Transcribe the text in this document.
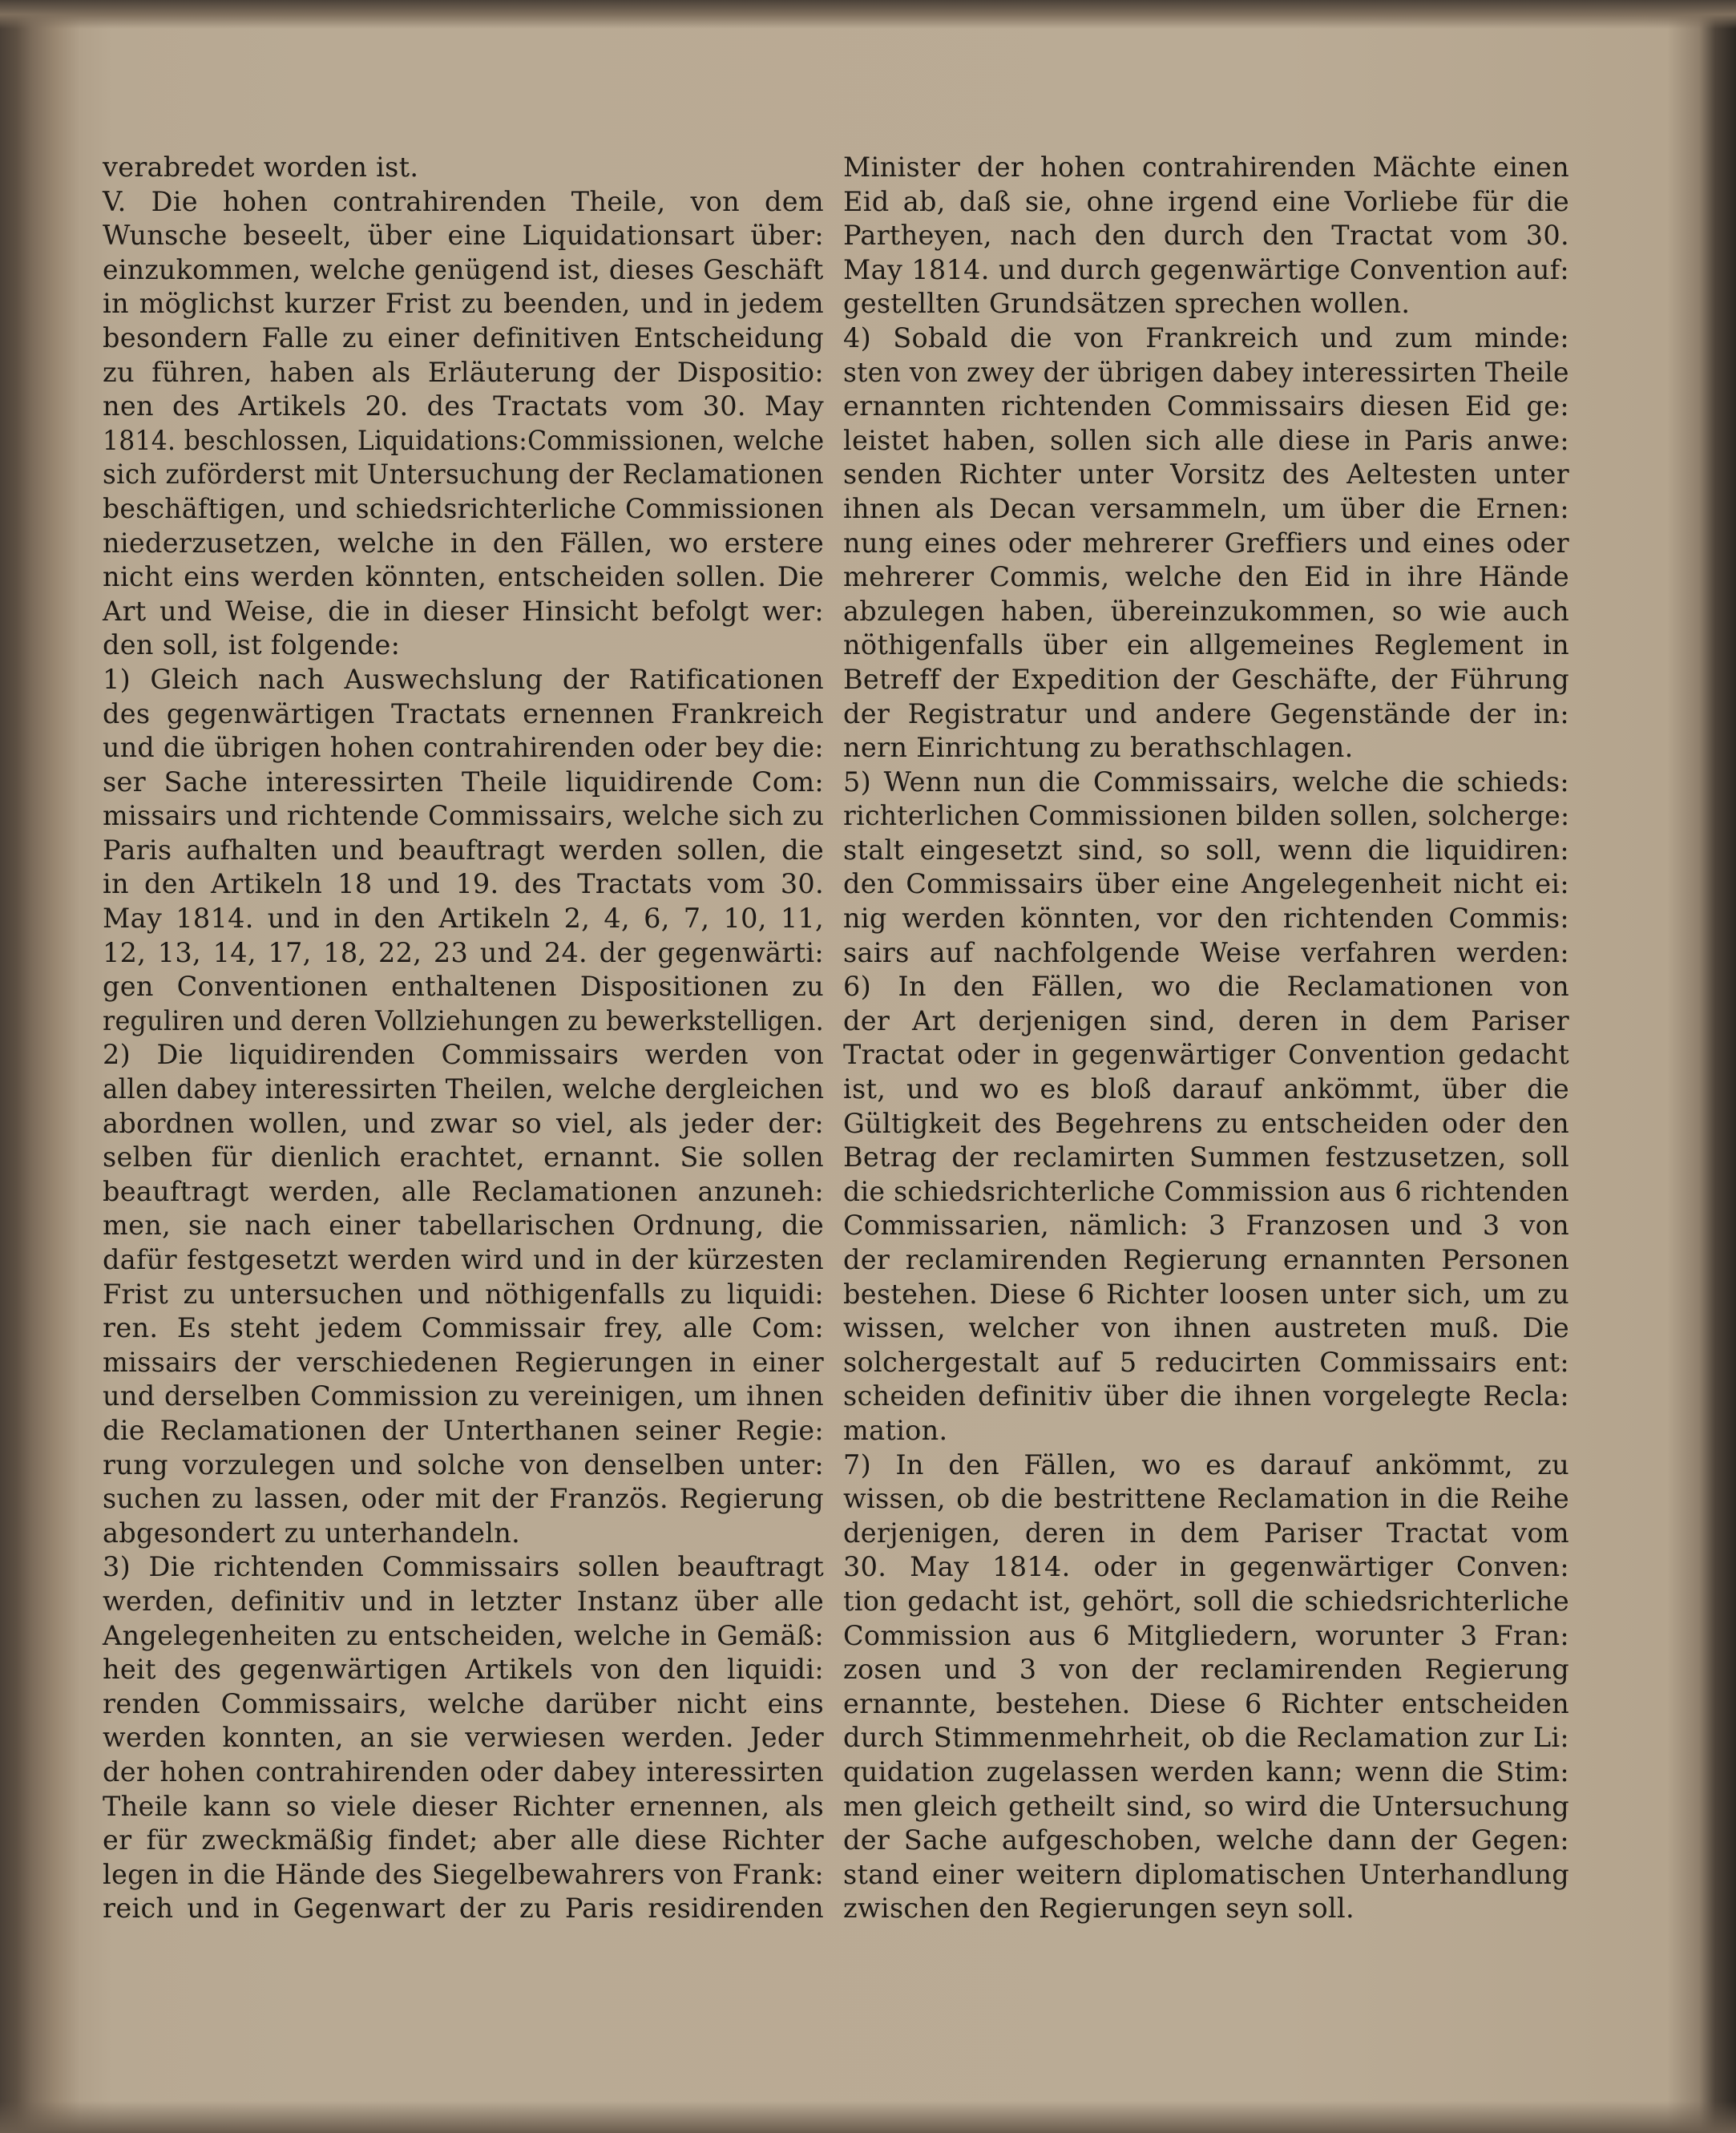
verabredet worden ist.
V. Die hohen contrahirenden Theile, von dem
Wunsche beseelt, über eine Liquidationsart über:
einzukommen, welche genügend ist, dieses Geschäft
in möglichst kurzer Frist zu beenden, und in jedem
besondern Falle zu einer definitiven Entscheidung
zu führen, haben als Erläuterung der Dispositio:
nen des Artikels 20. des Tractats vom 30. May
1814. beschlossen, Liquidations:Commissionen, welche
sich zuförderst mit Untersuchung der Reclamationen
beschäftigen, und schiedsrichterliche Commissionen
niederzusetzen, welche in den Fällen, wo erstere
nicht eins werden könnten, entscheiden sollen. Die
Art und Weise, die in dieser Hinsicht befolgt wer:
den soll, ist folgende:
1) Gleich nach Auswechslung der Ratificationen
des gegenwärtigen Tractats ernennen Frankreich
und die übrigen hohen contrahirenden oder bey die:
ser Sache interessirten Theile liquidirende Com:
missairs und richtende Commissairs, welche sich zu
Paris aufhalten und beauftragt werden sollen, die
in den Artikeln 18 und 19. des Tractats vom 30.
May 1814. und in den Artikeln 2, 4, 6, 7, 10, 11,
12, 13, 14, 17, 18, 22, 23 und 24. der gegenwärti:
gen Conventionen enthaltenen Dispositionen zu
reguliren und deren Vollziehungen zu bewerkstelligen.
2) Die liquidirenden Commissairs werden von
allen dabey interessirten Theilen, welche dergleichen
abordnen wollen, und zwar so viel, als jeder der:
selben für dienlich erachtet, ernannt. Sie sollen
beauftragt werden, alle Reclamationen anzuneh:
men, sie nach einer tabellarischen Ordnung, die
dafür festgesetzt werden wird und in der kürzesten
Frist zu untersuchen und nöthigenfalls zu liquidi:
ren. Es steht jedem Commissair frey, alle Com:
missairs der verschiedenen Regierungen in einer
und derselben Commission zu vereinigen, um ihnen
die Reclamationen der Unterthanen seiner Regie:
rung vorzulegen und solche von denselben unter:
suchen zu lassen, oder mit der Französ. Regierung
abgesondert zu unterhandeln.
3) Die richtenden Commissairs sollen beauftragt
werden, definitiv und in letzter Instanz über alle
Angelegenheiten zu entscheiden, welche in Gemäß:
heit des gegenwärtigen Artikels von den liquidi:
renden Commissairs, welche darüber nicht eins
werden konnten, an sie verwiesen werden. Jeder
der hohen contrahirenden oder dabey interessirten
Theile kann so viele dieser Richter ernennen, als
er für zweckmäßig findet; aber alle diese Richter
legen in die Hände des Siegelbewahrers von Frank:
reich und in Gegenwart der zu Paris residirenden
Minister der hohen contrahirenden Mächte einen
Eid ab, daß sie, ohne irgend eine Vorliebe für die
Partheyen, nach den durch den Tractat vom 30.
May 1814. und durch gegenwärtige Convention auf:
gestellten Grundsätzen sprechen wollen.
4) Sobald die von Frankreich und zum minde:
sten von zwey der übrigen dabey interessirten Theile
ernannten richtenden Commissairs diesen Eid ge:
leistet haben, sollen sich alle diese in Paris anwe:
senden Richter unter Vorsitz des Aeltesten unter
ihnen als Decan versammeln, um über die Ernen:
nung eines oder mehrerer Greffiers und eines oder
mehrerer Commis, welche den Eid in ihre Hände
abzulegen haben, übereinzukommen, so wie auch
nöthigenfalls über ein allgemeines Reglement in
Betreff der Expedition der Geschäfte, der Führung
der Registratur und andere Gegenstände der in:
nern Einrichtung zu berathschlagen.
5) Wenn nun die Commissairs, welche die schieds:
richterlichen Commissionen bilden sollen, solcherge:
stalt eingesetzt sind, so soll, wenn die liquidiren:
den Commissairs über eine Angelegenheit nicht ei:
nig werden könnten, vor den richtenden Commis:
sairs auf nachfolgende Weise verfahren werden:
6) In den Fällen, wo die Reclamationen von
der Art derjenigen sind, deren in dem Pariser
Tractat oder in gegenwärtiger Convention gedacht
ist, und wo es bloß darauf ankömmt, über die
Gültigkeit des Begehrens zu entscheiden oder den
Betrag der reclamirten Summen festzusetzen, soll
die schiedsrichterliche Commission aus 6 richtenden
Commissarien, nämlich: 3 Franzosen und 3 von
der reclamirenden Regierung ernannten Personen
bestehen. Diese 6 Richter loosen unter sich, um zu
wissen, welcher von ihnen austreten muß. Die
solchergestalt auf 5 reducirten Commissairs ent:
scheiden definitiv über die ihnen vorgelegte Recla:
mation.
7) In den Fällen, wo es darauf ankömmt, zu
wissen, ob die bestrittene Reclamation in die Reihe
derjenigen, deren in dem Pariser Tractat vom
30. May 1814. oder in gegenwärtiger Conven:
tion gedacht ist, gehört, soll die schiedsrichterliche
Commission aus 6 Mitgliedern, worunter 3 Fran:
zosen und 3 von der reclamirenden Regierung
ernannte, bestehen. Diese 6 Richter entscheiden
durch Stimmenmehrheit, ob die Reclamation zur Li:
quidation zugelassen werden kann; wenn die Stim:
men gleich getheilt sind, so wird die Untersuchung
der Sache aufgeschoben, welche dann der Gegen:
stand einer weitern diplomatischen Unterhandlung
zwischen den Regierungen seyn soll.
